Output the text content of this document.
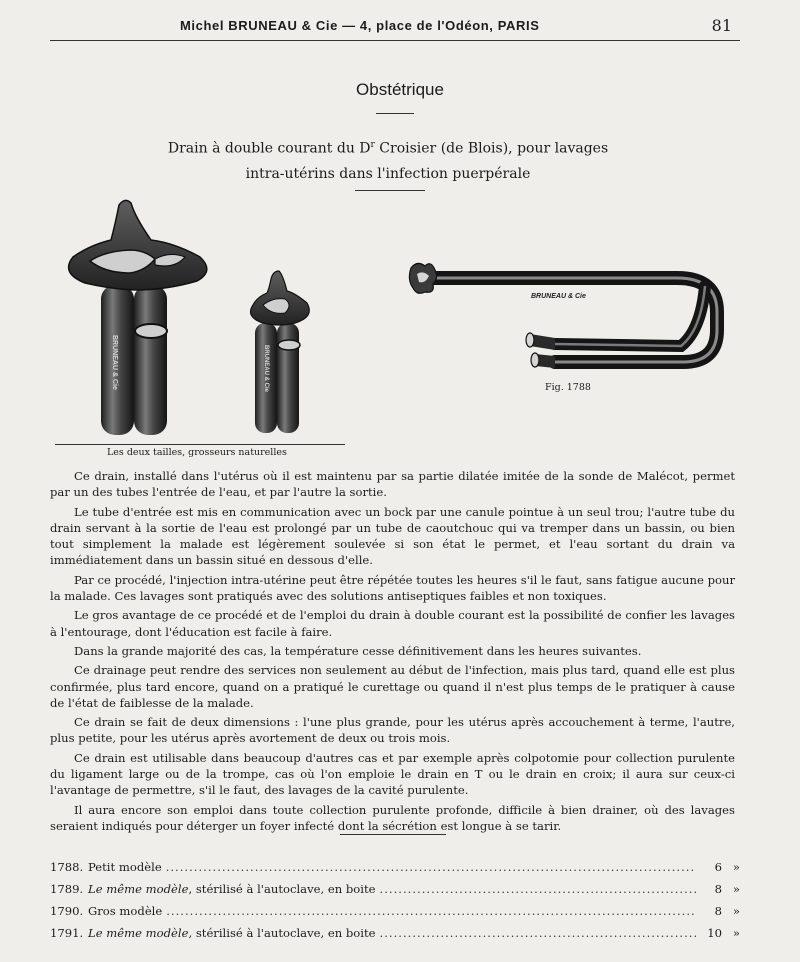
Michel BRUNEAU & Cie — 4, place de l'Odéon, PARIS	81
Obstétrique
Drain à double courant du $D^r$ Croisier (de Blois), pour lavages
intra-utérins dans l'infection puerpérale
BRUNEAU & Cie	BRUNEAU & Cie
Les deux tailles, grosseurs naturelles
BRUNEAU & Cie
Fig. 1788

Ce drain, installé dans l'utérus où il est maintenu par sa partie dilatée imitée de la sonde de Malécot, permet par un des tubes l'entrée de l'eau, et par l'autre la sortie.

Le tube d'entrée est mis en communication avec un bock par une canule pointue à un seul trou; l'autre tube du drain servant à la sortie de l'eau est prolongé par un tube de caoutchouc qui va tremper dans un bassin, ou bien tout simplement la malade est légèrement soulevée si son état le permet, et l'eau sortant du drain va immédiatement dans un bassin situé en dessous d'elle.

Par ce procédé, l'injection intra-utérine peut être répétée toutes les heures s'il le faut, sans fatigue aucune pour la malade. Ces lavages sont pratiqués avec des solutions antiseptiques faibles et non toxiques.

Le gros avantage de ce procédé et de l'emploi du drain à double courant est la possibilité de confier les lavages à l'entourage, dont l'éducation est facile à faire.

Dans la grande majorité des cas, la température cesse définitivement dans les heures suivantes.

Ce drainage peut rendre des services non seulement au début de l'infection, mais plus tard, quand elle est plus confirmée, plus tard encore, quand on a pratiqué le curettage ou quand il n'est plus temps de le pratiquer à cause de l'état de faiblesse de la malade.

Ce drain se fait de deux dimensions : l'une plus grande, pour les utérus après accouchement à terme, l'autre, plus petite, pour les utérus après avortement de deux ou trois mois.

Ce drain est utilisable dans beaucoup d'autres cas et par exemple après colpotomie pour collection purulente du ligament large ou de la trompe, cas où l'on emploie le drain en T ou le drain en croix; il aura sur ceux-ci l'avantage de permettre, s'il le faut, des lavages de la cavité purulente.

Il aura encore son emploi dans toute collection purulente profonde, difficile à bien drainer, où des lavages seraient indiqués pour déterger un foyer infecté dont la sécrétion est longue à se tarir.

1788. Petit modèle .....	6 »
1789. Le même modèle, stérilisé à l'autoclave, en boite .....	8 »
1790. Gros modèle .....	8 »
1791. Le même modèle, stérilisé à l'autoclave, en boite .....	10 »
